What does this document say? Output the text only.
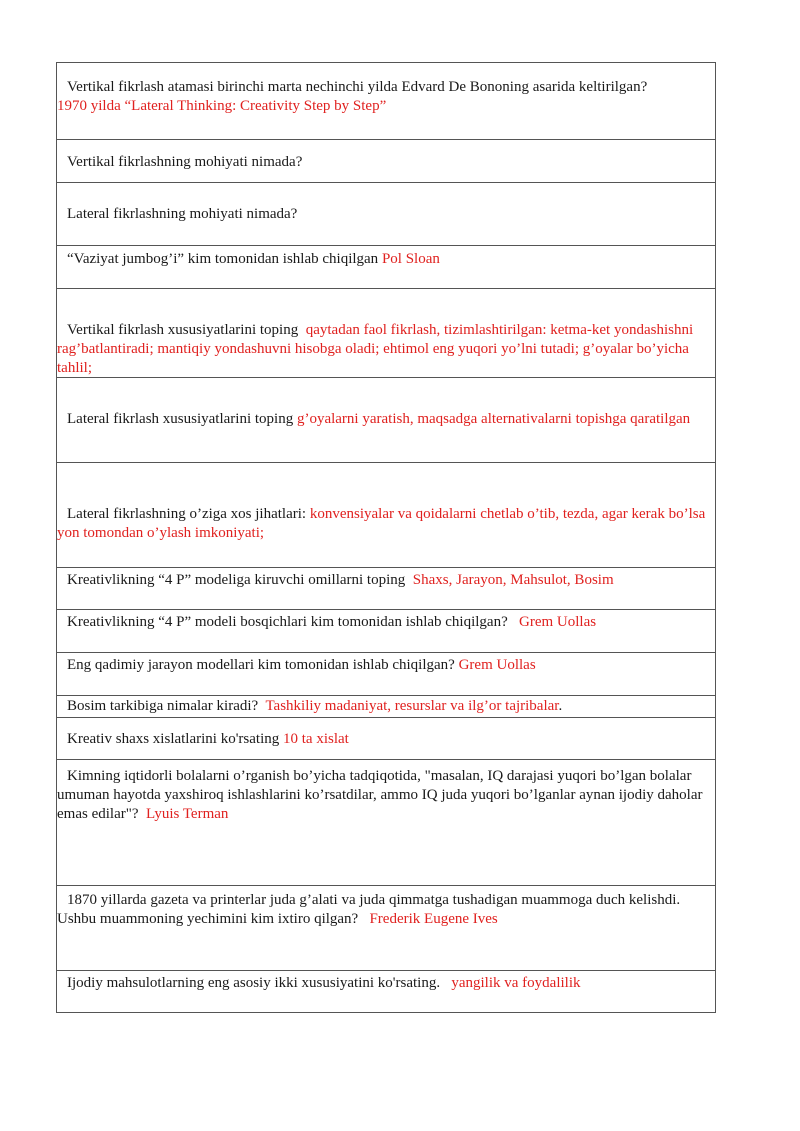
Vertikal fikrlash atamasi birinchi marta nechinchi yilda Edvard De Bononing asarida keltirilgan?

1970 yilda “Lateral Thinking: Creativity Step by Step”

Vertikal fikrlashning mohiyati nimada?

Lateral fikrlashning mohiyati nimada?

“Vaziyat jumbog’i” kim tomonidan ishlab chiqilgan Pol Sloan

Vertikal fikrlash xususiyatlarini toping qaytadan faol fikrlash, tizimlashtirilgan: ketma-ket yondashishni rag’batlantiradi; mantiqiy yondashuvni hisobga oladi; ehtimol eng yuqori yo’lni tutadi; g’oyalar bo’yicha tahlil;

Lateral fikrlash xususiyatlarini toping g’oyalarni yaratish, maqsadga alternativalarni topishga qaratilgan

Lateral fikrlashning o’ziga xos jihatlari: konvensiyalar va qoidalarni chetlab o’tib, tezda, agar kerak bo’lsa yon tomondan o’ylash imkoniyati;

Kreativlikning “4 P” modeliga kiruvchi omillarni toping Shaxs, Jarayon, Mahsulot, Bosim

Kreativlikning “4 P” modeli bosqichlari kim tomonidan ishlab chiqilgan? Grem Uollas

Eng qadimiy jarayon modellari kim tomonidan ishlab chiqilgan? Grem Uollas

Bosim tarkibiga nimalar kiradi? Tashkiliy madaniyat, resurslar va ilg’or tajribalar.

Kreativ shaxs xislatlarini ko'rsating 10 ta xislat

Kimning iqtidorli bolalarni o’rganish bo’yicha tadqiqotida, "masalan, IQ darajasi yuqori bo’lgan bolalar umuman hayotda yaxshiroq ishlashlarini ko’rsatdilar, ammo IQ juda yuqori bo’lganlar aynan ijodiy daholar emas edilar"? Lyuis Terman

1870 yillarda gazeta va printerlar juda g’alati va juda qimmatga tushadigan muammoga duch kelishdi. Ushbu muammoning yechimini kim ixtiro qilgan? Frederik Eugene Ives

Ijodiy mahsulotlarning eng asosiy ikki xususiyatini ko'rsating. yangilik va foydalilik
